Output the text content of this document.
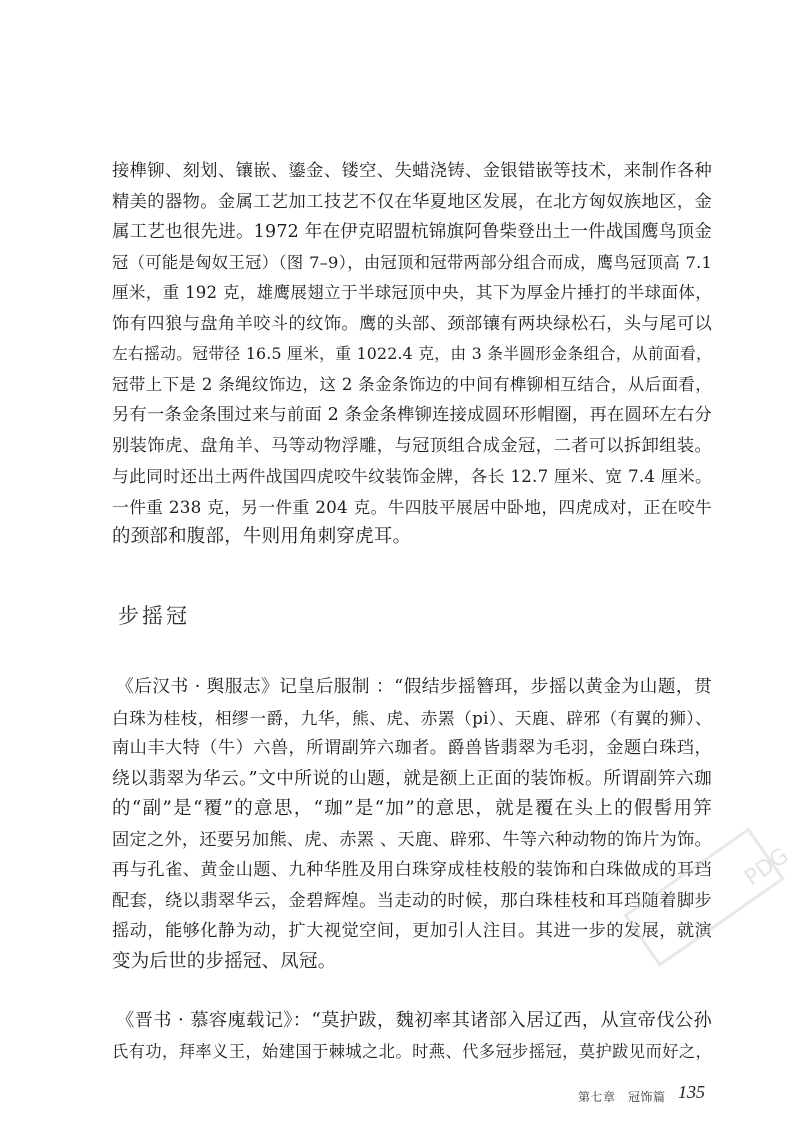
接榫铆、刻划、镶嵌、鎏金、镂空、失蜡浇铸、金银错嵌等技术，来制作各种
精美的器物。金属工艺加工技艺不仅在华夏地区发展，在北方匈奴族地区，金
属工艺也很先进。1972 年在伊克昭盟杭锦旗阿鲁柴登出土一件战国鹰鸟顶金
冠（可能是匈奴王冠）（图 7–9），由冠顶和冠带两部分组合而成，鹰鸟冠顶高 7.1
厘米，重 192 克，雄鹰展翅立于半球冠顶中央，其下为厚金片捶打的半球面体，
饰有四狼与盘角羊咬斗的纹饰。鹰的头部、颈部镶有两块绿松石，头与尾可以
左右摇动。冠带径 16.5 厘米，重 1022.4 克，由 3 条半圆形金条组合，从前面看，
冠带上下是 2 条绳纹饰边，这 2 条金条饰边的中间有榫铆相互结合，从后面看，
另有一条金条围过来与前面 2 条金条榫铆连接成圆环形帽圈，再在圆环左右分
别装饰虎、盘角羊、马等动物浮雕，与冠顶组合成金冠，二者可以拆卸组装。
与此同时还出土两件战国四虎咬牛纹装饰金牌，各长 12.7 厘米、宽 7.4 厘米。
一件重 238 克，另一件重 204 克。牛四肢平展居中卧地，四虎成对，正在咬牛
的颈部和腹部，牛则用角刺穿虎耳。
步摇冠
《后汉书 · 舆服志》记皇后服制 ：“假结步摇簪珥，步摇以黄金为山题，贯
白珠为桂枝，相缪一爵，九华，熊、虎、赤罴（pi）、天鹿、辟邪（有翼的狮）、
南山丰大特（牛）六兽，所谓副笄六珈者。爵兽皆翡翠为毛羽，金题白珠珰，
绕以翡翠为华云。”文中所说的山题，就是额上正面的装饰板。所谓副笄六珈
的“副”是“覆”的意思，“珈”是“加”的意思，就是覆在头上的假髻用笄
固定之外，还要另加熊、虎、赤罴 、天鹿、辟邪、牛等六种动物的饰片为饰。
再与孔雀、黄金山题、九种华胜及用白珠穿成桂枝般的装饰和白珠做成的耳珰
配套，绕以翡翠华云，金碧辉煌。当走动的时候，那白珠桂枝和耳珰随着脚步
摇动，能够化静为动，扩大视觉空间，更加引人注目。其进一步的发展，就演
变为后世的步摇冠、凤冠。
《晋书 · 慕容廆载记》：“莫护跋，魏初率其诸部入居辽西，从宣帝伐公孙
氏有功，拜率义王，始建国于棘城之北。时燕、代多冠步摇冠，莫护跋见而好之，
第七章　冠饰篇 135
PDG
